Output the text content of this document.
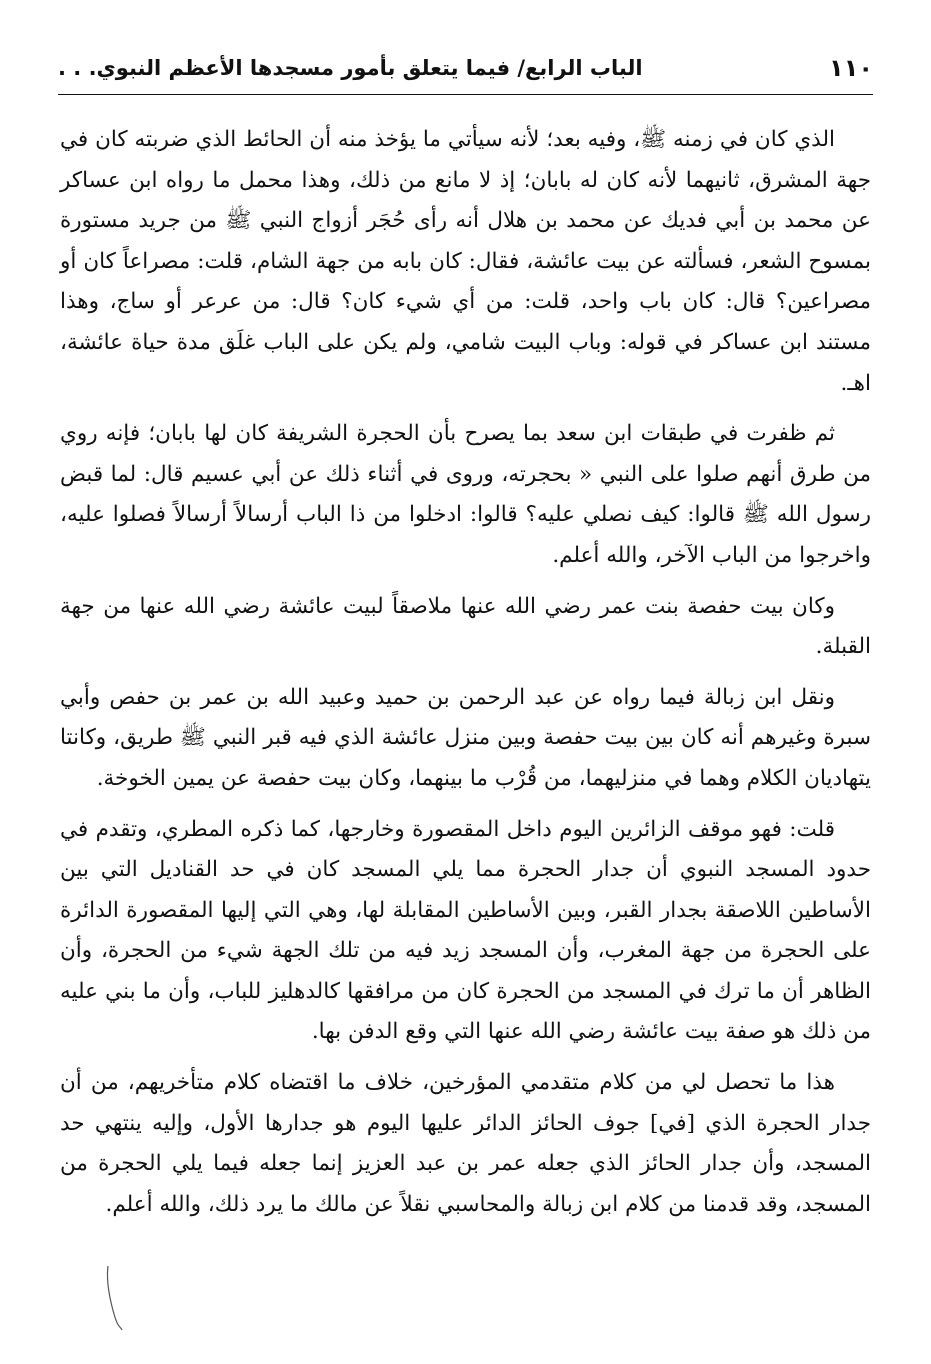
١١٠
الباب الرابع/ فيما يتعلق بأمور مسجدها الأعظم النبوي. . .

الذي كان في زمنه ﷺ، وفيه بعد؛ لأنه سيأتي ما يؤخذ منه أن الحائط الذي ضربته كان في جهة المشرق، ثانيهما لأنه كان له بابان؛ إذ لا مانع من ذلك، وهذا محمل ما رواه ابن عساكر عن محمد بن أبي فديك عن محمد بن هلال أنه رأى حُجَر أزواج النبي ﷺ من جريد مستورة بمسوح الشعر، فسألته عن بيت عائشة، فقال: كان بابه من جهة الشام، قلت: مصراعاً كان أو مصراعين؟ قال: كان باب واحد، قلت: من أي شيء كان؟ قال: من عرعر أو ساج، وهذا مستند ابن عساكر في قوله: وباب البيت شامي، ولم يكن على الباب غلَق مدة حياة عائشة، اهـ.

ثم ظفرت في طبقات ابن سعد بما يصرح بأن الحجرة الشريفة كان لها بابان؛ فإنه روي من طرق أنهم صلوا على النبي « بحجرته، وروى في أثناء ذلك عن أبي عسيم قال: لما قبض رسول الله ﷺ قالوا: كيف نصلي عليه؟ قالوا: ادخلوا من ذا الباب أرسالاً أرسالاً فصلوا عليه، واخرجوا من الباب الآخر، والله أعلم.

وكان بيت حفصة بنت عمر رضي الله عنها ملاصقاً لبيت عائشة رضي الله عنها من جهة القبلة.

ونقل ابن زبالة فيما رواه عن عبد الرحمن بن حميد وعبيد الله بن عمر بن حفص وأبي سبرة وغيرهم أنه كان بين بيت حفصة وبين منزل عائشة الذي فيه قبر النبي ﷺ طريق، وكانتا يتهاديان الكلام وهما في منزليهما، من قُرْب ما بينهما، وكان بيت حفصة عن يمين الخوخة.

قلت: فهو موقف الزائرين اليوم داخل المقصورة وخارجها، كما ذكره المطري، وتقدم في حدود المسجد النبوي أن جدار الحجرة مما يلي المسجد كان في حد القناديل التي بين الأساطين اللاصقة بجدار القبر، وبين الأساطين المقابلة لها، وهي التي إليها المقصورة الدائرة على الحجرة من جهة المغرب، وأن المسجد زيد فيه من تلك الجهة شيء من الحجرة، وأن الظاهر أن ما ترك في المسجد من الحجرة كان من مرافقها كالدهليز للباب، وأن ما بني عليه من ذلك هو صفة بيت عائشة رضي الله عنها التي وقع الدفن بها.

هذا ما تحصل لي من كلام متقدمي المؤرخين، خلاف ما اقتضاه كلام متأخريهم، من أن جدار الحجرة الذي [في] جوف الحائز الدائر عليها اليوم هو جدارها الأول، وإليه ينتهي حد المسجد، وأن جدار الحائز الذي جعله عمر بن عبد العزيز إنما جعله فيما يلي الحجرة من المسجد، وقد قدمنا من كلام ابن زبالة والمحاسبي نقلاً عن مالك ما يرد ذلك، والله أعلم.
